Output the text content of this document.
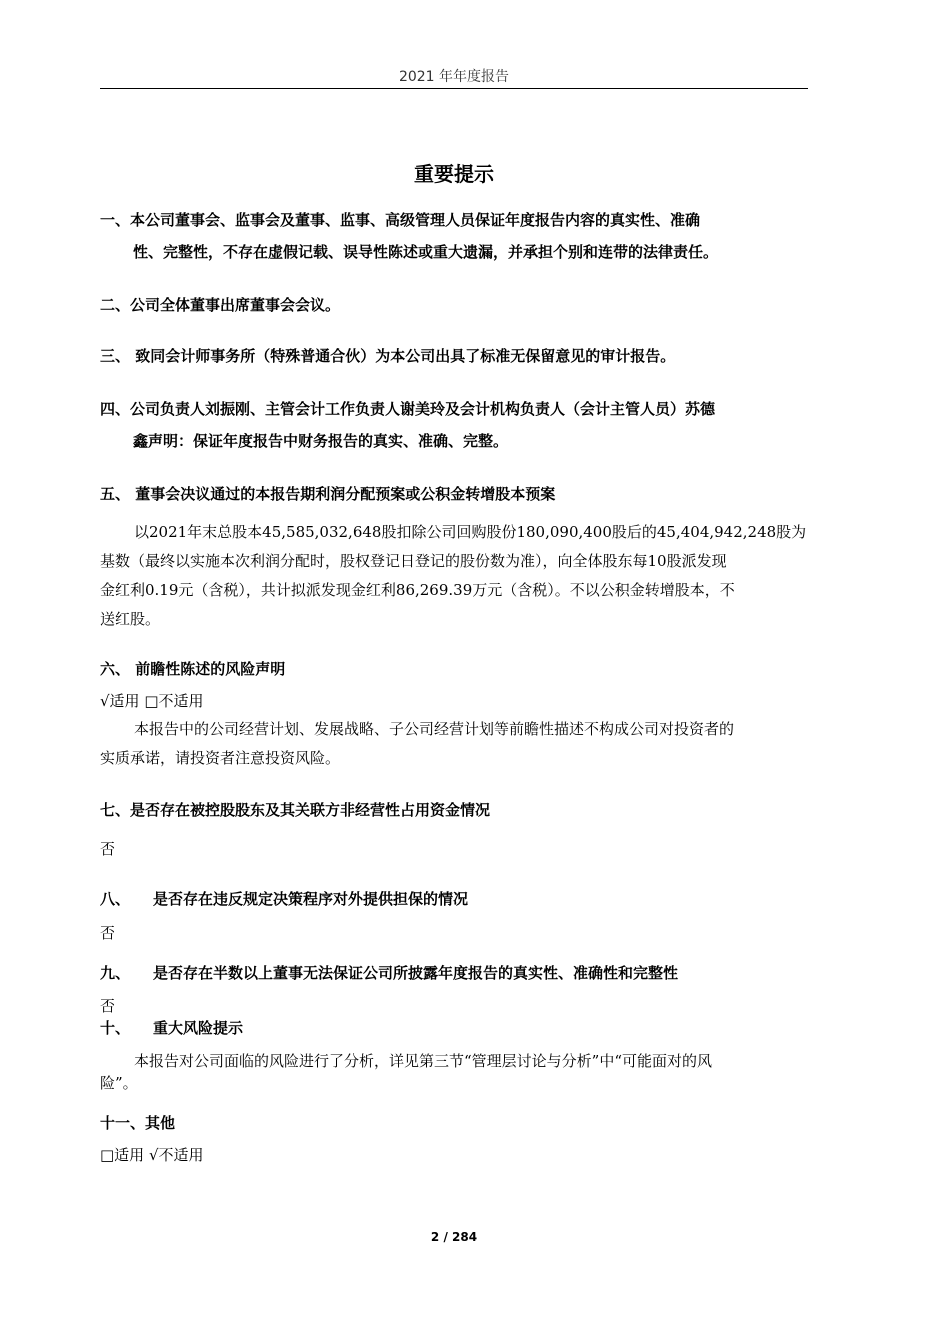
2021 年年度报告
重要提示
一、本公司董事会、监事会及董事、监事、高级管理人员保证年度报告内容的真实性、准确
性、完整性，不存在虚假记载、误导性陈述或重大遗漏，并承担个别和连带的法律责任。
二、公司全体董事出席董事会会议。
三、 致同会计师事务所（特殊普通合伙）为本公司出具了标准无保留意见的审计报告。
四、公司负责人刘振刚、主管会计工作负责人谢美玲及会计机构负责人（会计主管人员）苏德
鑫声明：保证年度报告中财务报告的真实、准确、完整。
五、 董事会决议通过的本报告期利润分配预案或公积金转增股本预案
以2021年末总股本45,585,032,648股扣除公司回购股份180,090,400股后的45,404,942,248股为
基数（最终以实施本次利润分配时，股权登记日登记的股份数为准），向全体股东每10股派发现
金红利0.19元（含税），共计拟派发现金红利86,269.39万元（含税）。不以公积金转增股本，不
送红股。
六、 前瞻性陈述的风险声明
√适用 □不适用
本报告中的公司经营计划、发展战略、子公司经营计划等前瞻性描述不构成公司对投资者的
实质承诺，请投资者注意投资风险。
七、是否存在被控股股东及其关联方非经营性占用资金情况
否
八、 是否存在违反规定决策程序对外提供担保的情况
否
九、 是否存在半数以上董事无法保证公司所披露年度报告的真实性、准确性和完整性
否
十、 重大风险提示
本报告对公司面临的风险进行了分析，详见第三节“管理层讨论与分析”中“可能面对的风
险”。
十一、其他
□适用 √不适用
2 / 284
